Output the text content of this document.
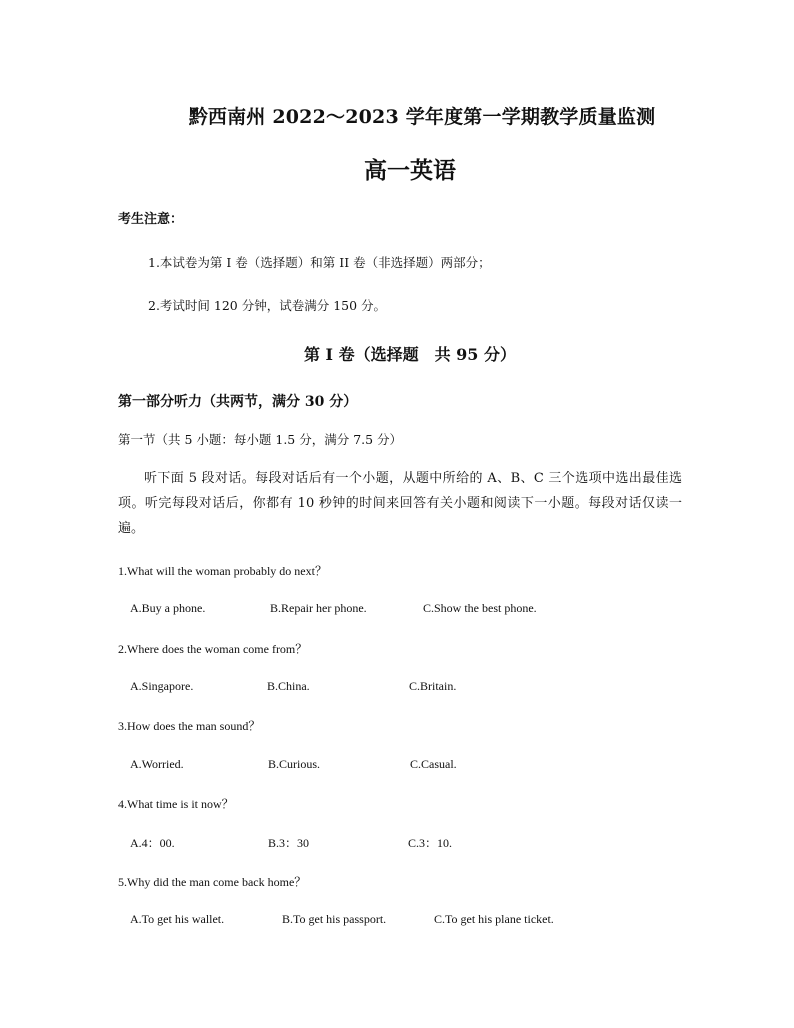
黔西南州 2022～2023 学年度第一学期教学质量监测
高一英语
考生注意：
1.本试卷为第 I 卷（选择题）和第 II 卷（非选择题）两部分；
2.考试时间 120 分钟，试卷满分 150 分。
第 I 卷（选择题　共 95 分）
第一部分听力（共两节，满分 30 分）
第一节（共 5 小题：每小题 1.5 分，满分 7.5 分）
听下面 5 段对话。每段对话后有一个小题，从题中所给的 A、B、C 三个选项中选出最佳选项。听完每段对话后，你都有 10 秒钟的时间来回答有关小题和阅读下一小题。每段对话仅读一遍。
1.What will the woman probably do next？
A.Buy a phone.	B.Repair her phone.	C.Show the best phone.
2.Where does the woman come from？
A.Singapore.	B.China.	C.Britain.
3.How does the man sound？
A.Worried.	B.Curious.	C.Casual.
4.What time is it now？
A.4：00.	B.3：30	C.3：10.
5.Why did the man come back home？
A.To get his wallet.	B.To get his passport.	C.To get his plane ticket.
